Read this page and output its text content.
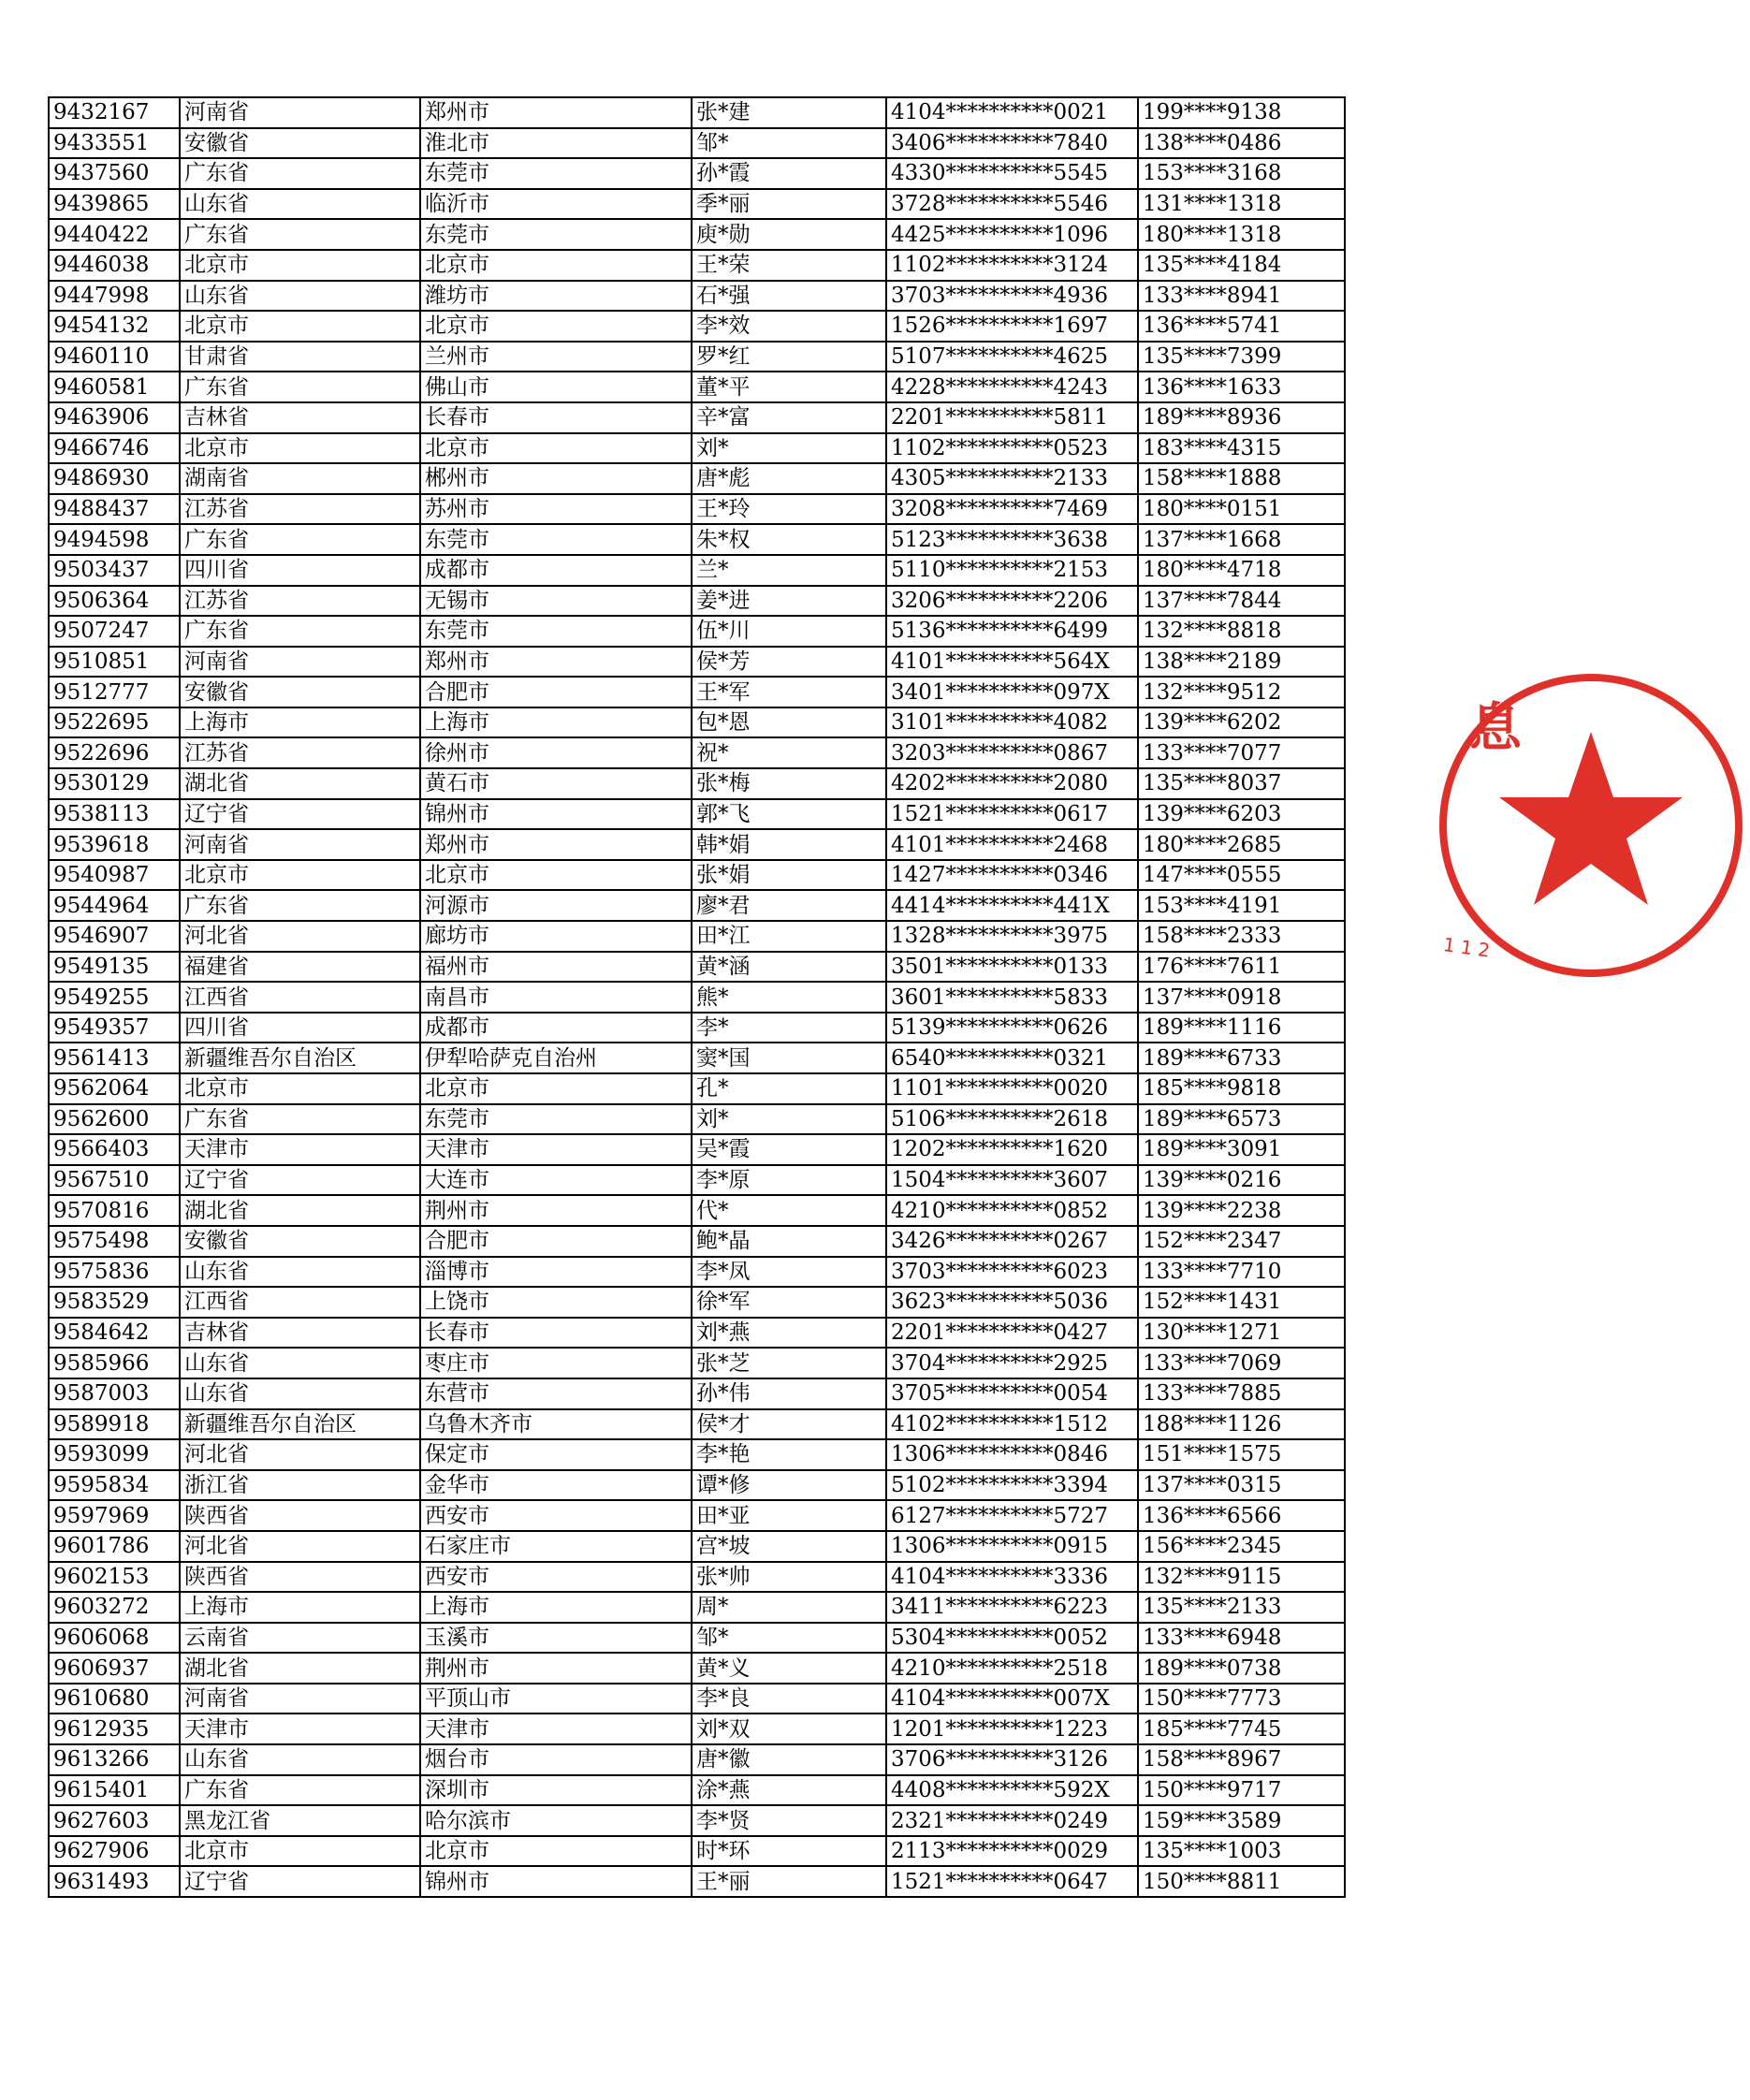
9432167	河南省	郑州市	张*建	4104**********0021	199****9138
9433551	安徽省	淮北市	邹*	3406**********7840	138****0486
9437560	广东省	东莞市	孙*霞	4330**********5545	153****3168
9439865	山东省	临沂市	季*丽	3728**********5546	131****1318
9440422	广东省	东莞市	庾*勋	4425**********1096	180****1318
9446038	北京市	北京市	王*荣	1102**********3124	135****4184
9447998	山东省	潍坊市	石*强	3703**********4936	133****8941
9454132	北京市	北京市	李*效	1526**********1697	136****5741
9460110	甘肃省	兰州市	罗*红	5107**********4625	135****7399
9460581	广东省	佛山市	董*平	4228**********4243	136****1633
9463906	吉林省	长春市	辛*富	2201**********5811	189****8936
9466746	北京市	北京市	刘*	1102**********0523	183****4315
9486930	湖南省	郴州市	唐*彪	4305**********2133	158****1888
9488437	江苏省	苏州市	王*玲	3208**********7469	180****0151
9494598	广东省	东莞市	朱*权	5123**********3638	137****1668
9503437	四川省	成都市	兰*	5110**********2153	180****4718
9506364	江苏省	无锡市	姜*进	3206**********2206	137****7844
9507247	广东省	东莞市	伍*川	5136**********6499	132****8818
9510851	河南省	郑州市	侯*芳	4101**********564X	138****2189
9512777	安徽省	合肥市	王*军	3401**********097X	132****9512
9522695	上海市	上海市	包*恩	3101**********4082	139****6202
9522696	江苏省	徐州市	祝*	3203**********0867	133****7077
9530129	湖北省	黄石市	张*梅	4202**********2080	135****8037
9538113	辽宁省	锦州市	郭*飞	1521**********0617	139****6203
9539618	河南省	郑州市	韩*娟	4101**********2468	180****2685
9540987	北京市	北京市	张*娟	1427**********0346	147****0555
9544964	广东省	河源市	廖*君	4414**********441X	153****4191
9546907	河北省	廊坊市	田*江	1328**********3975	158****2333
9549135	福建省	福州市	黄*涵	3501**********0133	176****7611
9549255	江西省	南昌市	熊*	3601**********5833	137****0918
9549357	四川省	成都市	李*	5139**********0626	189****1116
9561413	新疆维吾尔自治区	伊犁哈萨克自治州	窦*国	6540**********0321	189****6733
9562064	北京市	北京市	孔*	1101**********0020	185****9818
9562600	广东省	东莞市	刘*	5106**********2618	189****6573
9566403	天津市	天津市	吴*霞	1202**********1620	189****3091
9567510	辽宁省	大连市	李*原	1504**********3607	139****0216
9570816	湖北省	荆州市	代*	4210**********0852	139****2238
9575498	安徽省	合肥市	鲍*晶	3426**********0267	152****2347
9575836	山东省	淄博市	李*凤	3703**********6023	133****7710
9583529	江西省	上饶市	徐*军	3623**********5036	152****1431
9584642	吉林省	长春市	刘*燕	2201**********0427	130****1271
9585966	山东省	枣庄市	张*芝	3704**********2925	133****7069
9587003	山东省	东营市	孙*伟	3705**********0054	133****7885
9589918	新疆维吾尔自治区	乌鲁木齐市	侯*才	4102**********1512	188****1126
9593099	河北省	保定市	李*艳	1306**********0846	151****1575
9595834	浙江省	金华市	谭*修	5102**********3394	137****0315
9597969	陕西省	西安市	田*亚	6127**********5727	136****6566
9601786	河北省	石家庄市	宫*坡	1306**********0915	156****2345
9602153	陕西省	西安市	张*帅	4104**********3336	132****9115
9603272	上海市	上海市	周*	3411**********6223	135****2133
9606068	云南省	玉溪市	邹*	5304**********0052	133****6948
9606937	湖北省	荆州市	黄*义	4210**********2518	189****0738
9610680	河南省	平顶山市	李*良	4104**********007X	150****7773
9612935	天津市	天津市	刘*双	1201**********1223	185****7745
9613266	山东省	烟台市	唐*徽	3706**********3126	158****8967
9615401	广东省	深圳市	涂*燕	4408**********592X	150****9717
9627603	黑龙江省	哈尔滨市	李*贤	2321**********0249	159****3589
9627906	北京市	北京市	时*环	2113**********0029	135****1003
9631493	辽宁省	锦州市	王*丽	1521**********0647	150****8811
息
112
